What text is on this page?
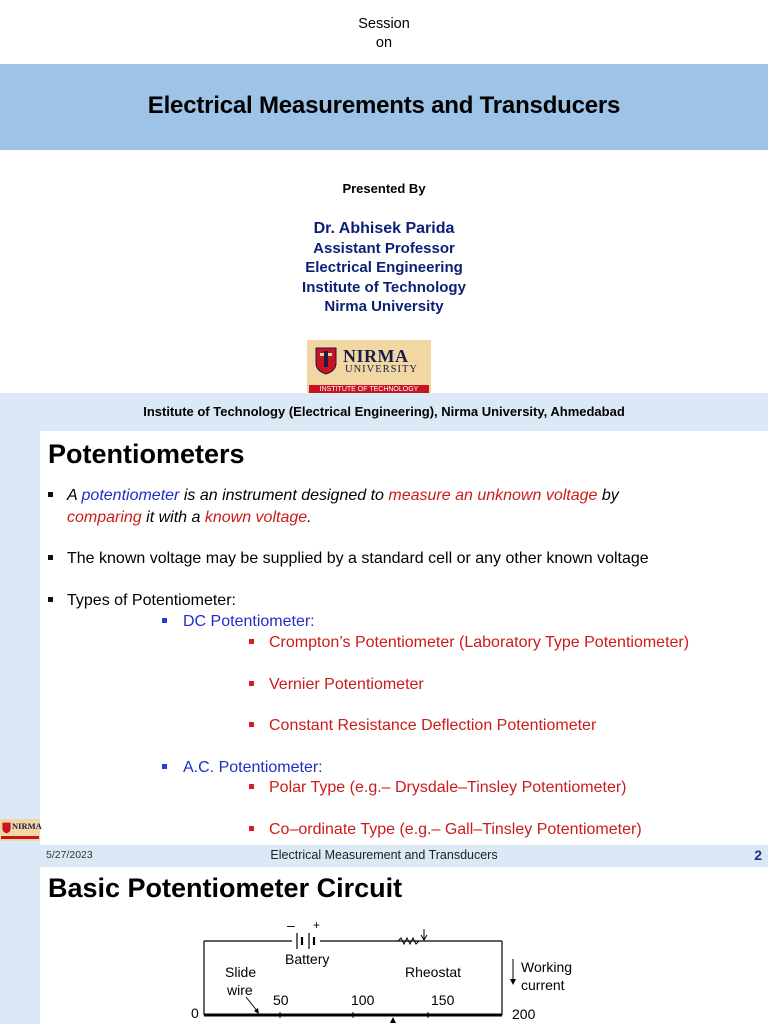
Session
on
Electrical Measurements and Transducers
Presented By
Dr. Abhisek Parida
Assistant Professor
Electrical Engineering
Institute of Technology
Nirma University
NIRMA
UNIVERSITY
INSTITUTE OF TECHNOLOGY
Institute of Technology (Electrical Engineering), Nirma University, Ahmedabad
NIRMA
Potentiometers
A potentiometer is an instrument designed to measure an unknown voltage by
comparing it with a known voltage.
The known voltage may be supplied by a standard cell or any other known voltage
Types of Potentiometer:
DC Potentiometer:
Crompton’s Potentiometer (Laboratory Type Potentiometer)
Vernier Potentiometer
Constant Resistance Deflection Potentiometer
A.C. Potentiometer:
Polar Type (e.g.– Drysdale–Tinsley Potentiometer)
Co–ordinate Type (e.g.– Gall–Tinsley Potentiometer)
5/27/2023	Electrical Measurement and Transducers	2
Basic Potentiometer Circuit
– +
Battery
Rheostat	Working
current
Slide
wire
0
50	100	150
200
